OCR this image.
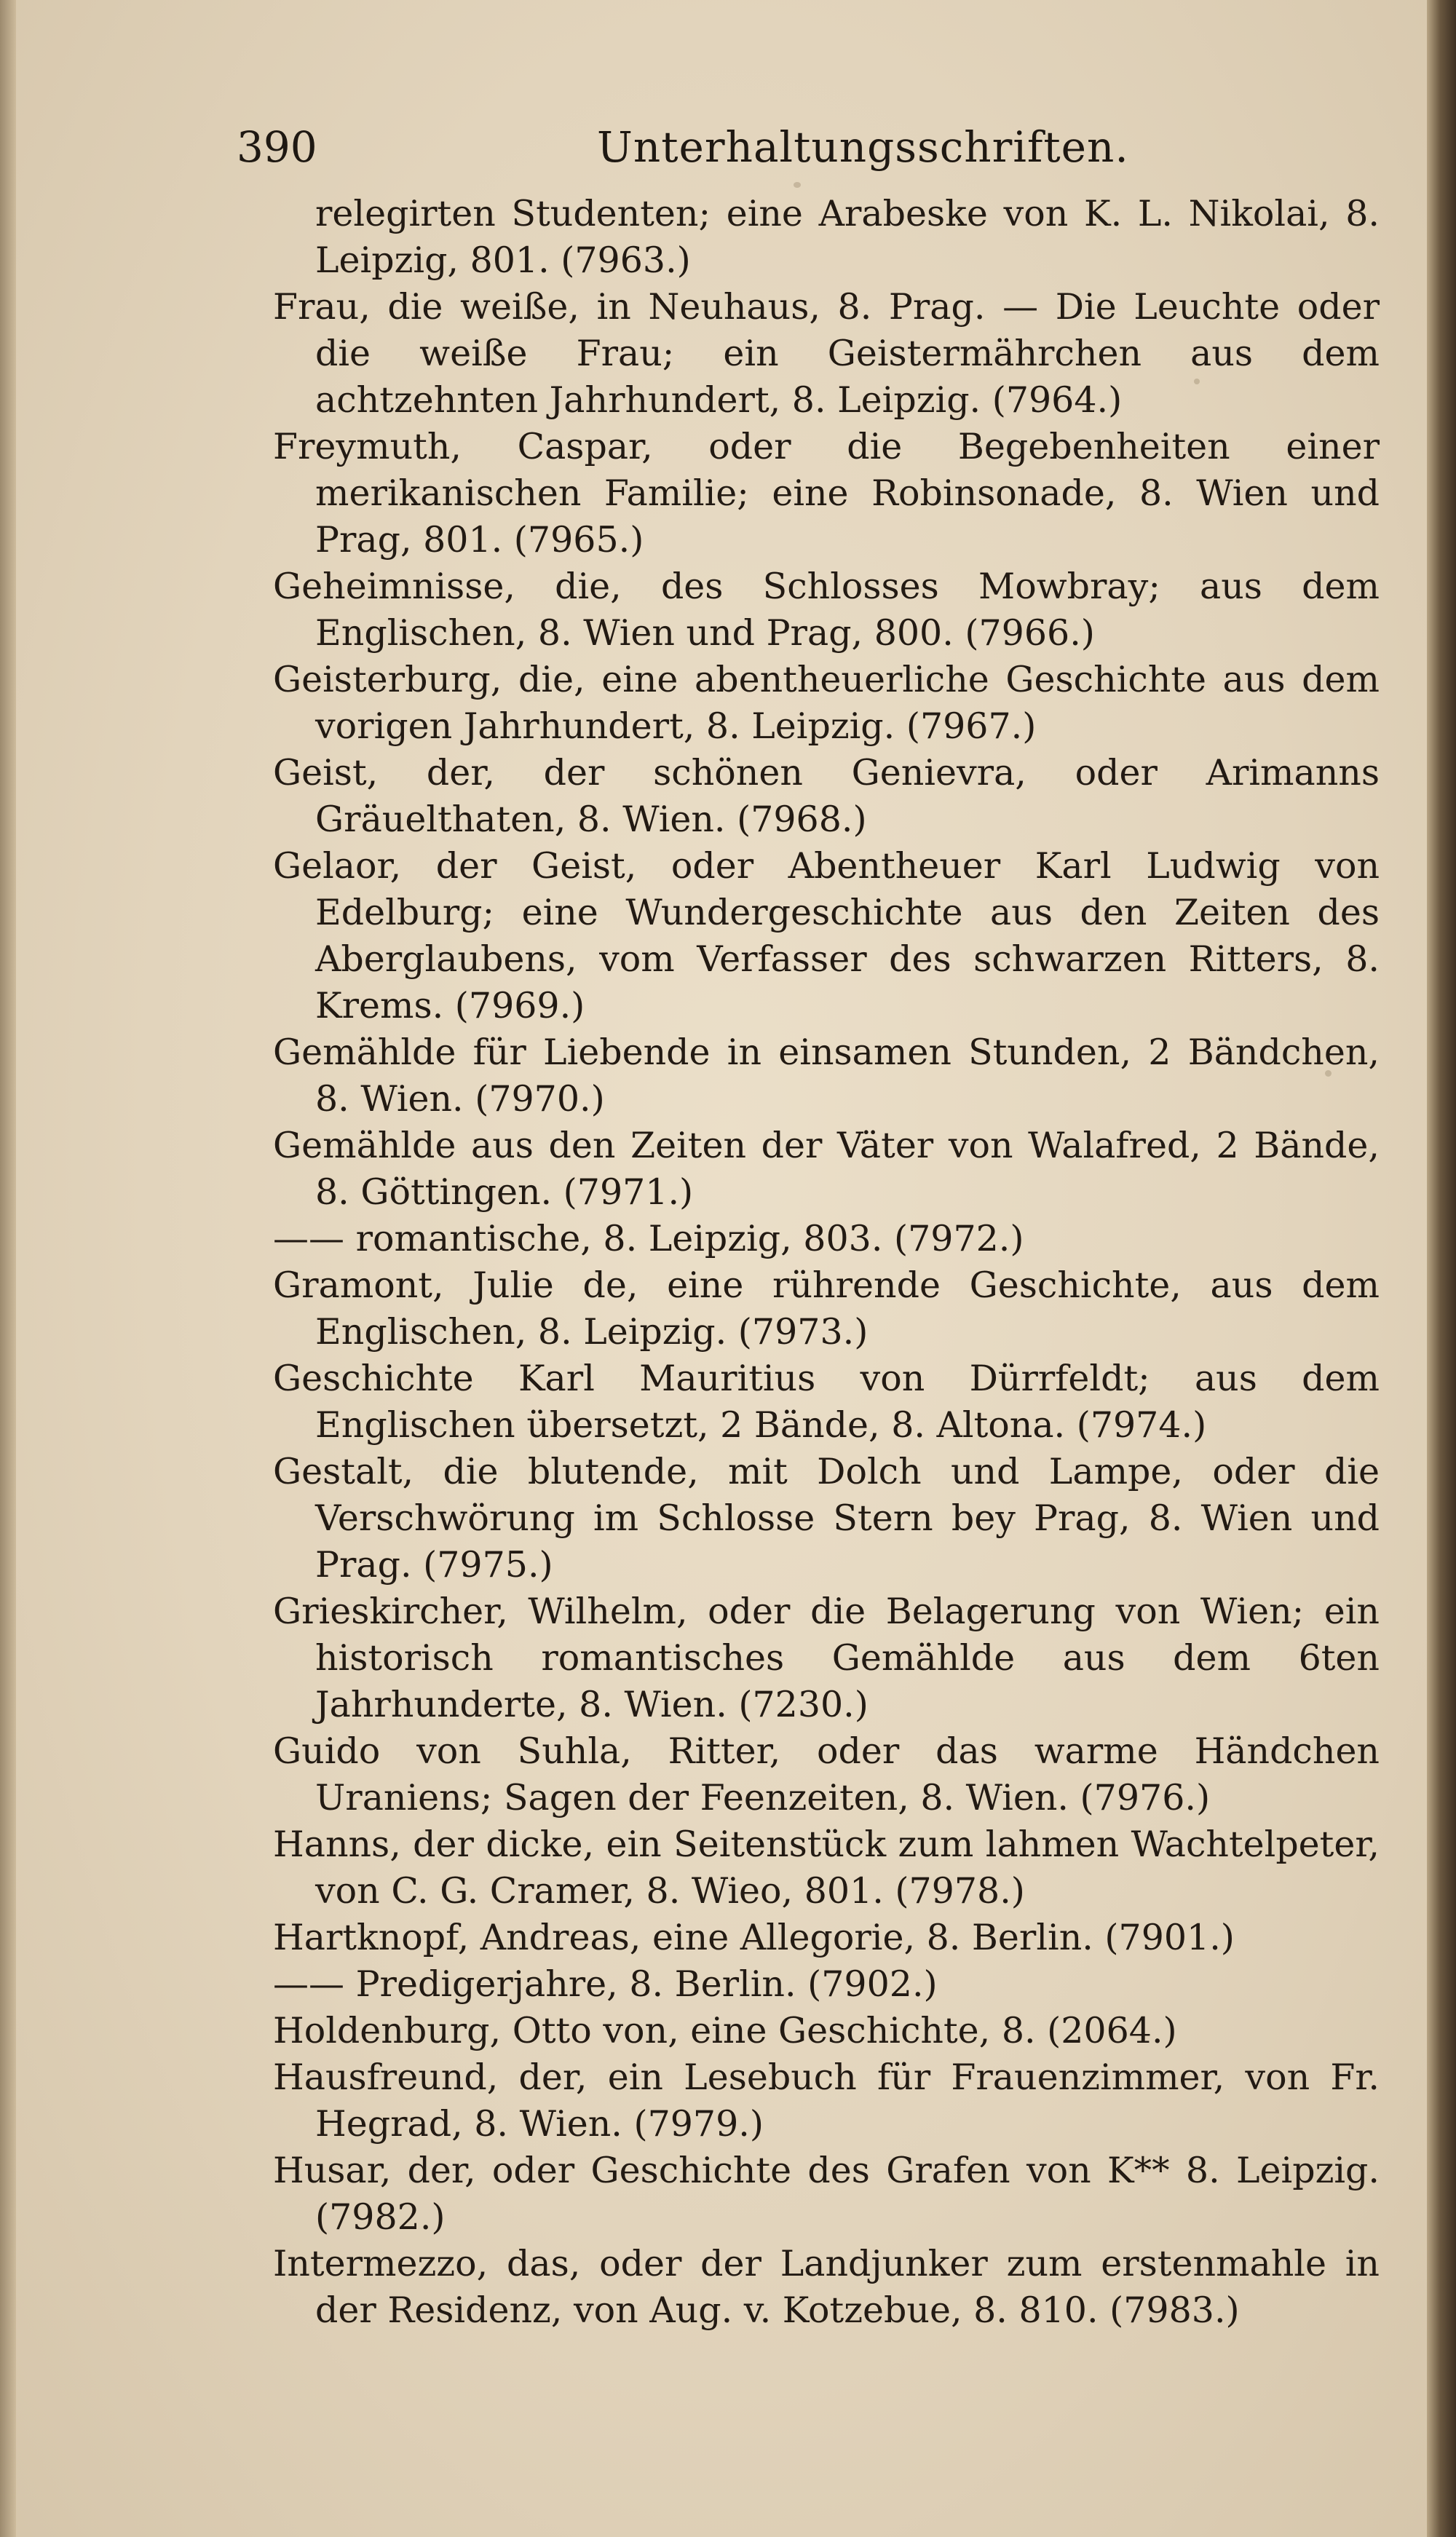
390	Unterhaltungsschriften.

relegirten Studenten; eine Arabeske von K. L. Nikolai, 8. Leipzig, 801. (7963.)

Frau, die weiße, in Neuhaus, 8. Prag. — Die Leuchte oder die weiße Frau; ein Geistermährchen aus dem achtzehnten Jahrhundert, 8. Leipzig. (7964.)

Freymuth, Caspar, oder die Begebenheiten einer merikanischen Familie; eine Robinsonade, 8. Wien und Prag, 801. (7965.)

Geheimnisse, die, des Schlosses Mowbray; aus dem Englischen, 8. Wien und Prag, 800. (7966.)

Geisterburg, die, eine abentheuerliche Geschichte aus dem vorigen Jahrhundert, 8. Leipzig. (7967.)

Geist, der, der schönen Genievra, oder Arimanns Gräuelthaten, 8. Wien. (7968.)

Gelaor, der Geist, oder Abentheuer Karl Ludwig von Edelburg; eine Wundergeschichte aus den Zeiten des Aberglaubens, vom Verfasser des schwarzen Ritters, 8. Krems. (7969.)

Gemählde für Liebende in einsamen Stunden, 2 Bändchen, 8. Wien. (7970.)

Gemählde aus den Zeiten der Väter von Walafred, 2 Bände, 8. Göttingen. (7971.)

—— romantische, 8. Leipzig, 803. (7972.)

Gramont, Julie de, eine rührende Geschichte, aus dem Englischen, 8. Leipzig. (7973.)

Geschichte Karl Mauritius von Dürrfeldt; aus dem Englischen übersetzt, 2 Bände, 8. Altona. (7974.)

Gestalt, die blutende, mit Dolch und Lampe, oder die Verschwörung im Schlosse Stern bey Prag, 8. Wien und Prag. (7975.)

Grieskircher, Wilhelm, oder die Belagerung von Wien; ein historisch romantisches Gemählde aus dem 6ten Jahrhunderte, 8. Wien. (7230.)

Guido von Suhla, Ritter, oder das warme Händchen Uraniens; Sagen der Feenzeiten, 8. Wien. (7976.)

Hanns, der dicke, ein Seitenstück zum lahmen Wachtelpeter, von C. G. Cramer, 8. Wieo, 801. (7978.)

Hartknopf, Andreas, eine Allegorie, 8. Berlin. (7901.)

—— Predigerjahre, 8. Berlin. (7902.)

Holdenburg, Otto von, eine Geschichte, 8. (2064.)

Hausfreund, der, ein Lesebuch für Frauenzimmer, von Fr. Hegrad, 8. Wien. (7979.)

Husar, der, oder Geschichte des Grafen von K** 8. Leipzig. (7982.)

Intermezzo, das, oder der Landjunker zum erstenmahle in der Residenz, von Aug. v. Kotzebue, 8. 810. (7983.)
